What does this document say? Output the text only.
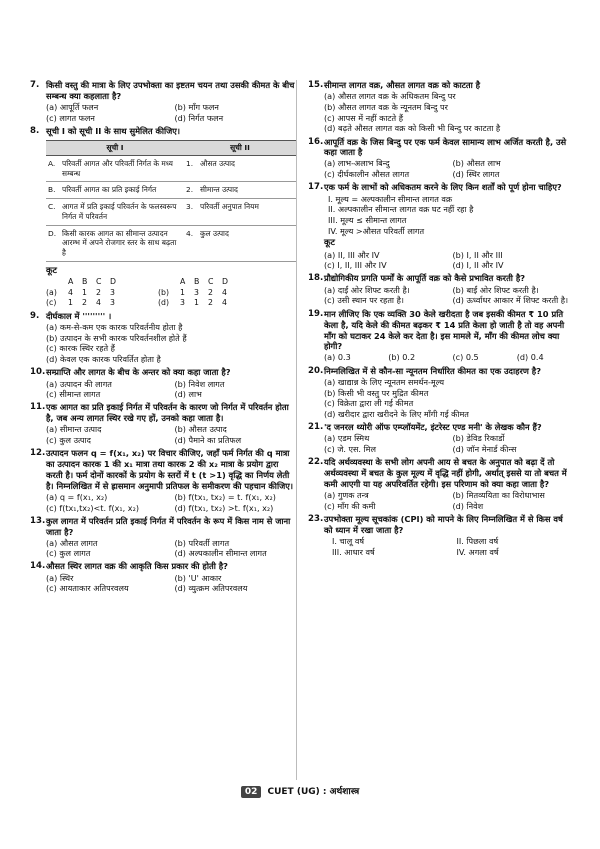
7. किसी वस्तु की मात्रा के लिए उपभोक्ता का इष्टतम चयन तथा उसकी कीमत के बीच सम्बन्ध क्या कहलाता है?
(a) आपूर्ति फलन	(b) माँग फलन
(c) लागत फलन	(d) निर्गत फलन
8. सूची I को सूची II के साथ सुमेलित कीजिए।
सूची I		सूची II	
A.	परिवर्ती आगत और परिवर्ती निर्गत के मध्य सम्बन्ध	1.	औसत उत्पाद
B.	परिवर्ती आगत का प्रति इकाई निर्गत	2.	सीमान्त उत्पाद
C.	आगत में प्रति इकाई परिवर्तन के फलस्वरूप निर्गत में परिवर्तन	3.	परिवर्ती अनुपात नियम
D.	किसी कारक आगत का सीमान्त उत्पादन आरम्भ में अपने रोजगार स्तर के साथ बढ़ता है	4.	कुल उत्पाद
कूट
A	B	C	D	A	B	C	D
(a)	4	1	2	3	(b)	1	3	2	4
(c)	1	2	4	3	(d)	3	1	2	4
9. दीर्घकाल में ''''''''' ।
(a) कम-से-कम एक कारक परिवर्तनीय होता है
(b) उत्पादन के सभी कारक परिवर्तनशील होते हैं
(c) कारक स्थिर रहते हैं
(d) केवल एक कारक परिवर्तित होता है
10. सम्प्राप्ति और लागत के बीच के अन्तर को क्या कहा जाता है?
(a) उत्पादन की लागत	(b) निवेश लागत
(c) सीमान्त लागत	(d) लाभ
11. एक आगत का प्रति इकाई निर्गत में परिवर्तन के कारण जो निर्गत में परिवर्तन होता है, जब अन्य लागत स्थिर रखे गए हों, उनको कहा जाता है।
(a) सीमान्त उत्पाद	(b) औसत उत्पाद
(c) कुल उत्पाद	(d) पैमाने का प्रतिफल
12. उत्पादन फलन q = f(x₁, x₂) पर विचार कीजिए, जहाँ फर्म निर्गत की q मात्रा का उत्पादन कारक 1 की x₁ मात्रा तथा कारक 2 की x₂ मात्रा के प्रयोग द्वारा करती है। फर्म दोनों कारकों के प्रयोग के स्तरों में t (t >1) वृद्धि का निर्णय लेती है। निम्नलिखित में से ह्रासमान अनुमापी प्रतिफल के समीकरण की पहचान कीजिए।
(a) q = f(x₁, x₂)	(b) f(tx₁, tx₂) = t. f(x₁, x₂)
(c) f(tx₁,tx₂)<t. f(x₁, x₂)	(d) f(tx₁, tx₂) >t. f(x₁, x₂)
13. कुल लागत में परिवर्तन प्रति इकाई निर्गत में परिवर्तन के रूप में किस नाम से जाना जाता है?
(a) औसत लागत	(b) परिवर्ती लागत
(c) कुल लागत	(d) अल्पकालीन सीमान्त लागत
14. औसत स्थिर लागत वक्र की आकृति किस प्रकार की होती है?
(a) स्थिर	(b) 'U' आकार
(c) आयताकार अतिपरवलय	(d) व्युत्क्रम अतिपरवलय
15. सीमान्त लागत वक्र, औसत लागत वक्र को काटता है
(a) औसत लागत वक्र के अधिकतम बिन्दु पर
(b) औसत लागत वक्र के न्यूनतम बिन्दु पर
(c) आपस में नहीं काटते हैं
(d) बढ़ते औसत लागत वक्र को किसी भी बिन्दु पर काटता है
16. आपूर्ति वक्र के जिस बिन्दु पर एक फर्म केवल सामान्य लाभ अर्जित करती है, उसे कहा जाता है
(a) लाभ-अलाभ बिन्दु	(b) औसत लाभ
(c) दीर्घकालीन औसत लागत	(d) स्थिर लागत
17. एक फर्म के लाभों को अधिकतम करने के लिए किन शर्तों को पूर्ण होना चाहिए?
I. मूल्य = अल्पकालीन सीमान्त लागत वक्र
II. अल्पकालीन सीमान्त लागत वक्र घट नहीं रहा है
III. मूल्य ≤ सीमान्त लागत
IV. मूल्य >औसत परिवर्ती लागत
कूट
(a) II, III और IV	(b) I, II और III
(c) I, II, III और IV	(d) I, II और IV
18. प्रौद्योगिकीय प्रगति फर्मों के आपूर्ति वक्र को कैसे प्रभावित करती है?
(a) दाईं ओर शिफ्ट करती है।	(b) बाईं ओर शिफ्ट करती है।
(c) उसी स्थान पर रहता है।	(d) ऊर्ध्वाधर आकार में शिफ्ट करती है।
19. मान लीजिए कि एक व्यक्ति 30 केले खरीदता है जब इसकी कीमत ₹ 10 प्रति केला है, यदि केले की कीमत बढ़कर ₹ 14 प्रति केला हो जाती है तो वह अपनी माँग को घटाकर 24 केले कर देता है। इस मामले में, माँग की कीमत लोच क्या होगी?
(a) 0.3	(b) 0.2	(c) 0.5	(d) 0.4
20. निम्नलिखित में से कौन-सा न्यूनतम निर्धारित कीमत का एक उदाहरण है?
(a) खाद्यान्न के लिए न्यूनतम समर्थन-मूल्य
(b) किसी भी वस्तु पर मुद्रित कीमत
(c) विक्रेता द्वारा ली गई कीमत
(d) खरीदार द्वारा खरीदने के लिए माँगी गई कीमत
21. 'द जनरल थ्योरी ऑफ एम्प्लॉयमेंट, इंटरेस्ट एण्ड मनी' के लेखक कौन हैं?
(a) एडम स्मिथ	(b) डेविड रिकार्डो
(c) जे. एस. मिल	(d) जॉन मेनार्ड कीन्स
22. यदि अर्थव्यवस्था के सभी लोग अपनी आय से बचत के अनुपात को बढ़ा दें तो अर्थव्यवस्था में बचत के कुल मूल्य में वृद्धि नहीं होगी, अर्थात् इससे या तो बचत में कमी आएगी या यह अपरिवर्तित रहेगी। इस परिणाम को क्या कहा जाता है?
(a) गुणक तन्त्र	(b) मितव्ययिता का विरोधाभास
(c) माँग की कमी	(d) निवेश
23. उपभोक्ता मूल्य सूचकांक (CPI) को मापने के लिए निम्नलिखित में से किस वर्ष को ध्यान में रखा जाता है?
I. चालू वर्ष	II. पिछला वर्ष
III. आधार वर्ष	IV. अगला वर्ष
02 CUET (UG) : अर्थशास्त्र
